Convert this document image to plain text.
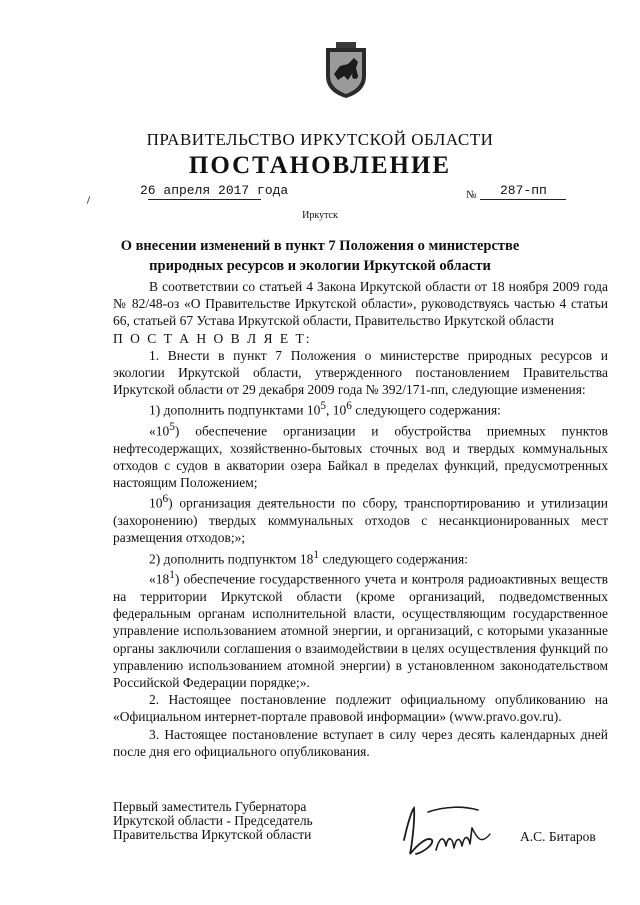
ПРАВИТЕЛЬСТВО ИРКУТСКОЙ ОБЛАСТИ
ПОСТАНОВЛЕНИЕ
26 апреля 2017 года	№ 287-пп
Иркутск
О внесении изменений в пункт 7 Положения о министерстве
природных ресурсов и экологии Иркутской области

В соответствии со статьей 4 Закона Иркутской области от 18 ноября 2009 года № 82/48-оз «О Правительстве Иркутской области», руководствуясь частью 4 статьи 66, статьей 67 Устава Иркутской области, Правительство Иркутской области

П О С Т А Н О В Л Я Е Т:

1. Внести в пункт 7 Положения о министерстве природных ресурсов и экологии Иркутской области, утвержденного постановлением Правительства Иркутской области от 29 декабря 2009 года № 392/171-пп, следующие изменения:

1) дополнить подпунктами $10^5$, $10^6$ следующего содержания:

«$10^5$) обеспечение организации и обустройства приемных пунктов нефтесодержащих, хозяйственно-бытовых сточных вод и твердых коммунальных отходов с судов в акватории озера Байкал в пределах функций, предусмотренных настоящим Положением;

$10^6$) организация деятельности по сбору, транспортированию и утилизации (захоронению) твердых коммунальных отходов с несанкционированных мест размещения отходов;»;

2) дополнить подпунктом $18^1$ следующего содержания:

«$18^1$) обеспечение государственного учета и контроля радиоактивных веществ на территории Иркутской области (кроме организаций, подведомственных федеральным органам исполнительной власти, осуществляющим государственное управление использованием атомной энергии, и организаций, с которыми указанные органы заключили соглашения о взаимодействии в целях осуществления функций по управлению использованием атомной энергии) в установленном законодательством Российской Федерации порядке;».

2. Настоящее постановление подлежит официальному опубликованию на «Официальном интернет-портале правовой информации» (www.pravo.gov.ru).

3. Настоящее постановление вступает в силу через десять календарных дней после дня его официального опубликования.

Первый заместитель Губернатора
Иркутской области - Председатель
Правительства Иркутской области	А.С. Битаров
